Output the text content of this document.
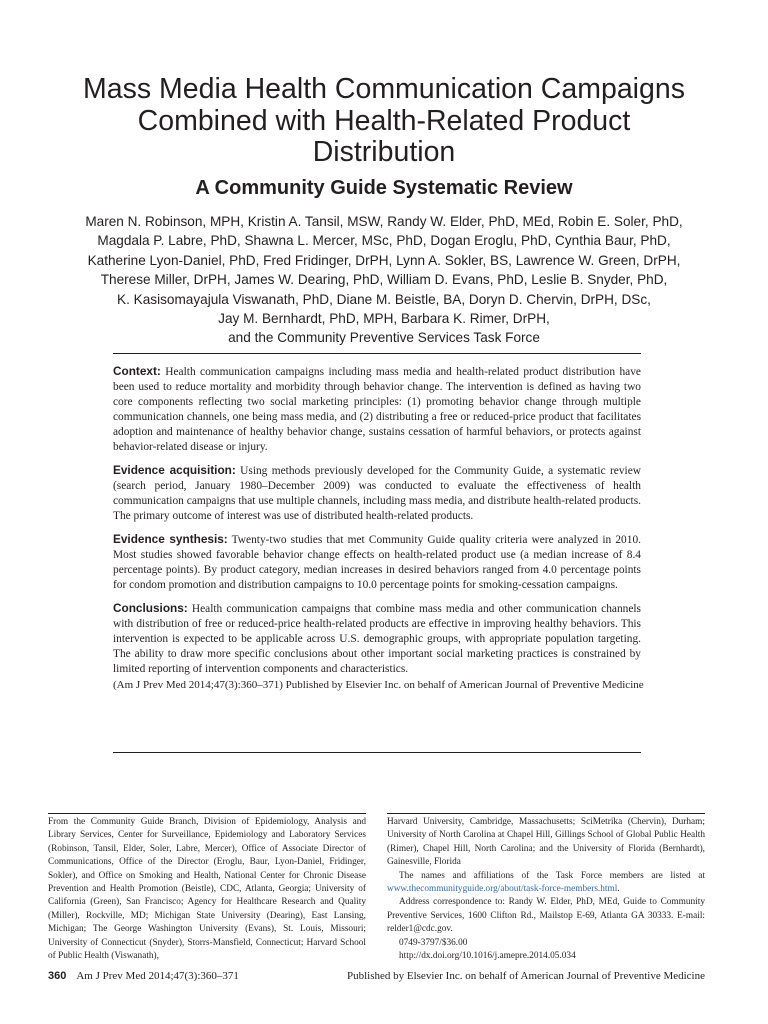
Mass Media Health Communication Campaigns
Combined with Health-Related Product
Distribution
A Community Guide Systematic Review
Maren N. Robinson, MPH, Kristin A. Tansil, MSW, Randy W. Elder, PhD, MEd, Robin E. Soler, PhD,
Magdala P. Labre, PhD, Shawna L. Mercer, MSc, PhD, Dogan Eroglu, PhD, Cynthia Baur, PhD,
Katherine Lyon-Daniel, PhD, Fred Fridinger, DrPH, Lynn A. Sokler, BS, Lawrence W. Green, DrPH,
Therese Miller, DrPH, James W. Dearing, PhD, William D. Evans, PhD, Leslie B. Snyder, PhD,
K. Kasisomayajula Viswanath, PhD, Diane M. Beistle, BA, Doryn D. Chervin, DrPH, DSc,
Jay M. Bernhardt, PhD, MPH, Barbara K. Rimer, DrPH,
and the Community Preventive Services Task Force

Context: Health communication campaigns including mass media and health-related product distribution have been used to reduce mortality and morbidity through behavior change. The intervention is defined as having two core components reflecting two social marketing principles: (1) promoting behavior change through multiple communication channels, one being mass media, and (2) distributing a free or reduced-price product that facilitates adoption and maintenance of healthy behavior change, sustains cessation of harmful behaviors, or protects against behavior-related disease or injury.

Evidence acquisition: Using methods previously developed for the Community Guide, a systematic review (search period, January 1980–December 2009) was conducted to evaluate the effectiveness of health communication campaigns that use multiple channels, including mass media, and distribute health-related products. The primary outcome of interest was use of distributed health-related products.

Evidence synthesis: Twenty-two studies that met Community Guide quality criteria were analyzed in 2010. Most studies showed favorable behavior change effects on health-related product use (a median increase of 8.4 percentage points). By product category, median increases in desired behaviors ranged from 4.0 percentage points for condom promotion and distribution campaigns to 10.0 percentage points for smoking-cessation campaigns.

Conclusions: Health communication campaigns that combine mass media and other communication channels with distribution of free or reduced-price health-related products are effective in improving healthy behaviors. This intervention is expected to be applicable across U.S. demographic groups, with appropriate population targeting. The ability to draw more specific conclusions about other important social marketing practices is constrained by limited reporting of intervention components and characteristics.

(Am J Prev Med 2014;47(3):360–371) Published by Elsevier Inc. on behalf of American Journal of Preventive Medicine

From the Community Guide Branch, Division of Epidemiology, Analysis and Library Services, Center for Surveillance, Epidemiology and Laboratory Services (Robinson, Tansil, Elder, Soler, Labre, Mercer), Office of Associate Director of Communications, Office of the Director (Eroglu, Baur, Lyon-Daniel, Fridinger, Sokler), and Office on Smoking and Health, National Center for Chronic Disease Prevention and Health Promotion (Beistle), CDC, Atlanta, Georgia; University of California (Green), San Francisco; Agency for Healthcare Research and Quality (Miller), Rockville, MD; Michigan State University (Dearing), East Lansing, Michigan; The George Washington University (Evans), St. Louis, Missouri; University of Connecticut (Snyder), Storrs-Mansfield, Connecticut; Harvard School of Public Health (Viswanath),

Harvard University, Cambridge, Massachusetts; SciMetrika (Chervin), Durham; University of North Carolina at Chapel Hill, Gillings School of Global Public Health (Rimer), Chapel Hill, North Carolina; and the University of Florida (Bernhardt), Gainesville, Florida

The names and affiliations of the Task Force members are listed at www.thecommunityguide.org/about/task-force-members.html.

Address correspondence to: Randy W. Elder, PhD, MEd, Guide to Community Preventive Services, 1600 Clifton Rd., Mailstop E-69, Atlanta GA 30333. E-mail: relder1@cdc.gov.

0749-3797/$36.00

http://dx.doi.org/10.1016/j.amepre.2014.05.034

360 Am J Prev Med 2014;47(3):360–371	Published by Elsevier Inc. on behalf of American Journal of Preventive Medicine
